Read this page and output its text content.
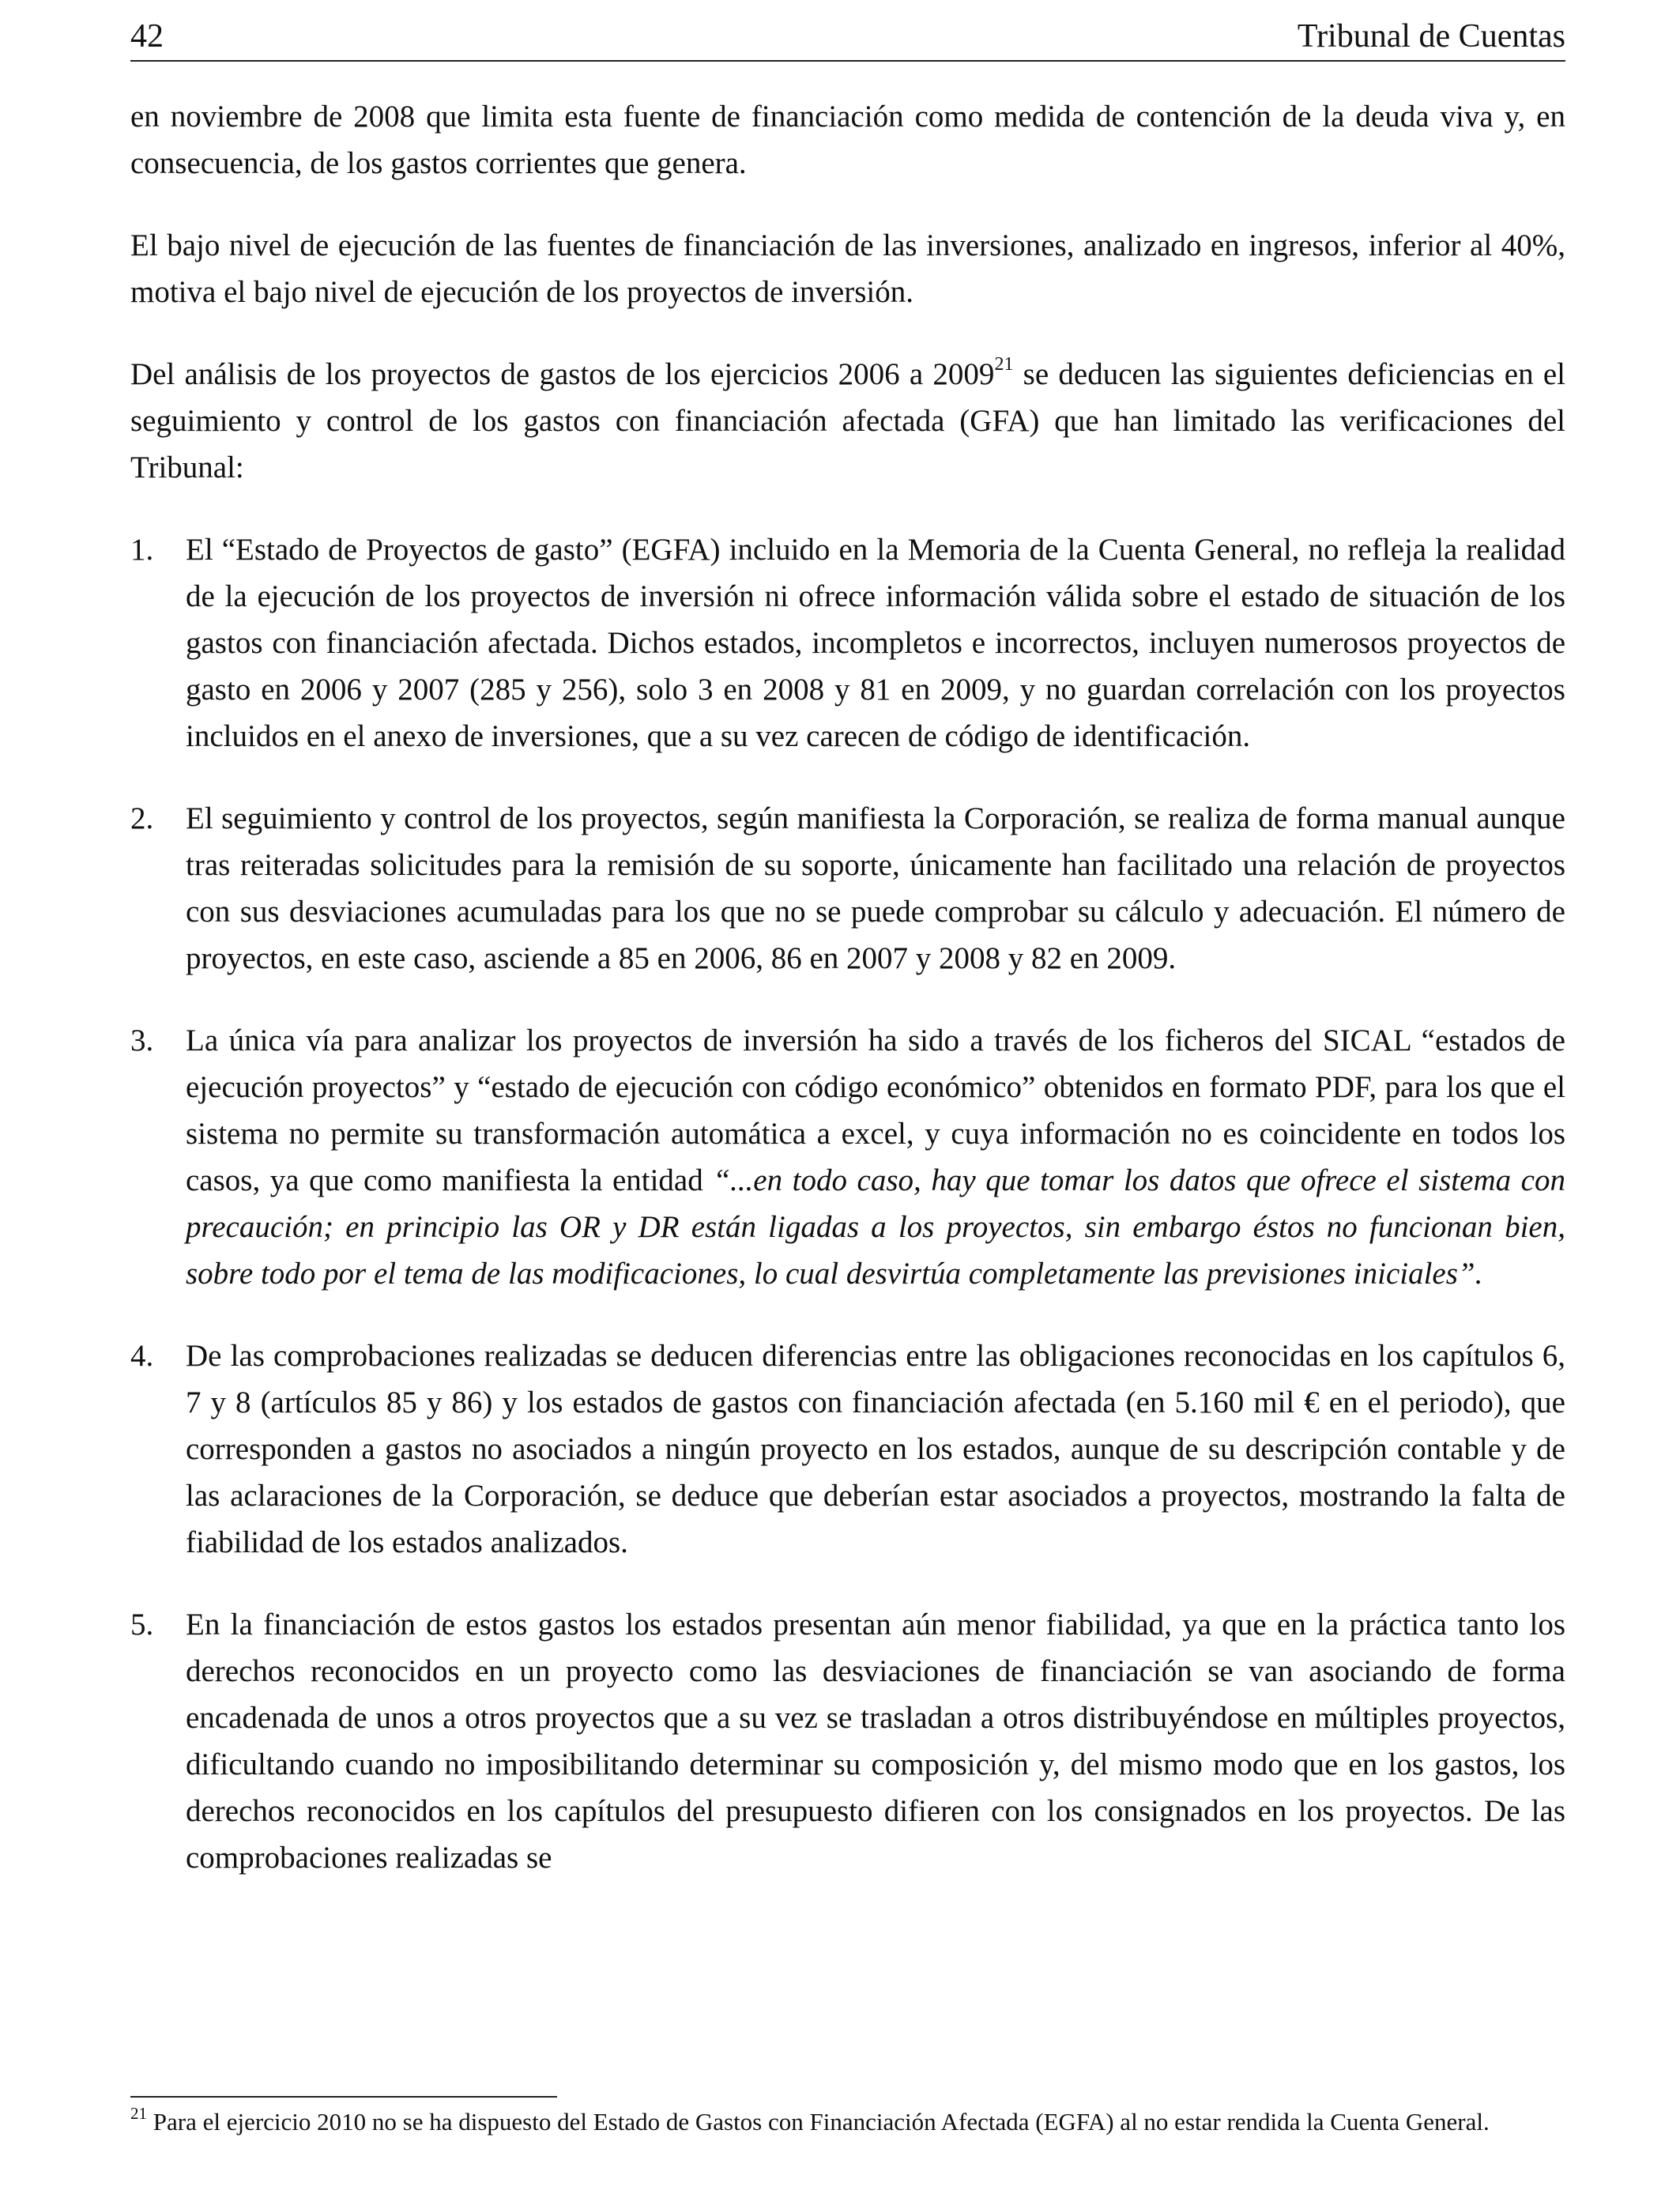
42	Tribunal de Cuentas

en noviembre de 2008 que limita esta fuente de financiación como medida de contención de la deuda viva y, en consecuencia, de los gastos corrientes que genera.

El bajo nivel de ejecución de las fuentes de financiación de las inversiones, analizado en ingresos, inferior al 40%, motiva el bajo nivel de ejecución de los proyectos de inversión.

Del análisis de los proyectos de gastos de los ejercicios 2006 a 2009$^{21}$ se deducen las siguientes deficiencias en el seguimiento y control de los gastos con financiación afectada (GFA) que han limitado las verificaciones del Tribunal:

1.	El “Estado de Proyectos de gasto” (EGFA) incluido en la Memoria de la Cuenta General, no refleja la realidad de la ejecución de los proyectos de inversión ni ofrece información válida sobre el estado de situación de los gastos con financiación afectada. Dichos estados, incompletos e incorrectos, incluyen numerosos proyectos de gasto en 2006 y 2007 (285 y 256), solo 3 en 2008 y 81 en 2009, y no guardan correlación con los proyectos incluidos en el anexo de inversiones, que a su vez carecen de código de identificación.
2.	El seguimiento y control de los proyectos, según manifiesta la Corporación, se realiza de forma manual aunque tras reiteradas solicitudes para la remisión de su soporte, únicamente han facilitado una relación de proyectos con sus desviaciones acumuladas para los que no se puede comprobar su cálculo y adecuación. El número de proyectos, en este caso, asciende a 85 en 2006, 86 en 2007 y 2008 y 82 en 2009.
3.	La única vía para analizar los proyectos de inversión ha sido a través de los ficheros del SICAL “estados de ejecución proyectos” y “estado de ejecución con código económico” obtenidos en formato PDF, para los que el sistema no permite su transformación automática a excel, y cuya información no es coincidente en todos los casos, ya que como manifiesta la entidad “...en todo caso, hay que tomar los datos que ofrece el sistema con precaución; en principio las OR y DR están ligadas a los proyectos, sin embargo éstos no funcionan bien, sobre todo por el tema de las modificaciones, lo cual desvirtúa completamente las previsiones iniciales”.
4.	De las comprobaciones realizadas se deducen diferencias entre las obligaciones reconocidas en los capítulos 6, 7 y 8 (artículos 85 y 86) y los estados de gastos con financiación afectada (en 5.160 mil € en el periodo), que corresponden a gastos no asociados a ningún proyecto en los estados, aunque de su descripción contable y de las aclaraciones de la Corporación, se deduce que deberían estar asociados a proyectos, mostrando la falta de fiabilidad de los estados analizados.
5.	En la financiación de estos gastos los estados presentan aún menor fiabilidad, ya que en la práctica tanto los derechos reconocidos en un proyecto como las desviaciones de financiación se van asociando de forma encadenada de unos a otros proyectos que a su vez se trasladan a otros distribuyéndose en múltiples proyectos, dificultando cuando no imposibilitando determinar su composición y, del mismo modo que en los gastos, los derechos reconocidos en los capítulos del presupuesto difieren con los consignados en los proyectos. De las comprobaciones realizadas se
$^{21}$ Para el ejercicio 2010 no se ha dispuesto del Estado de Gastos con Financiación Afectada (EGFA) al no estar rendida la Cuenta General.
